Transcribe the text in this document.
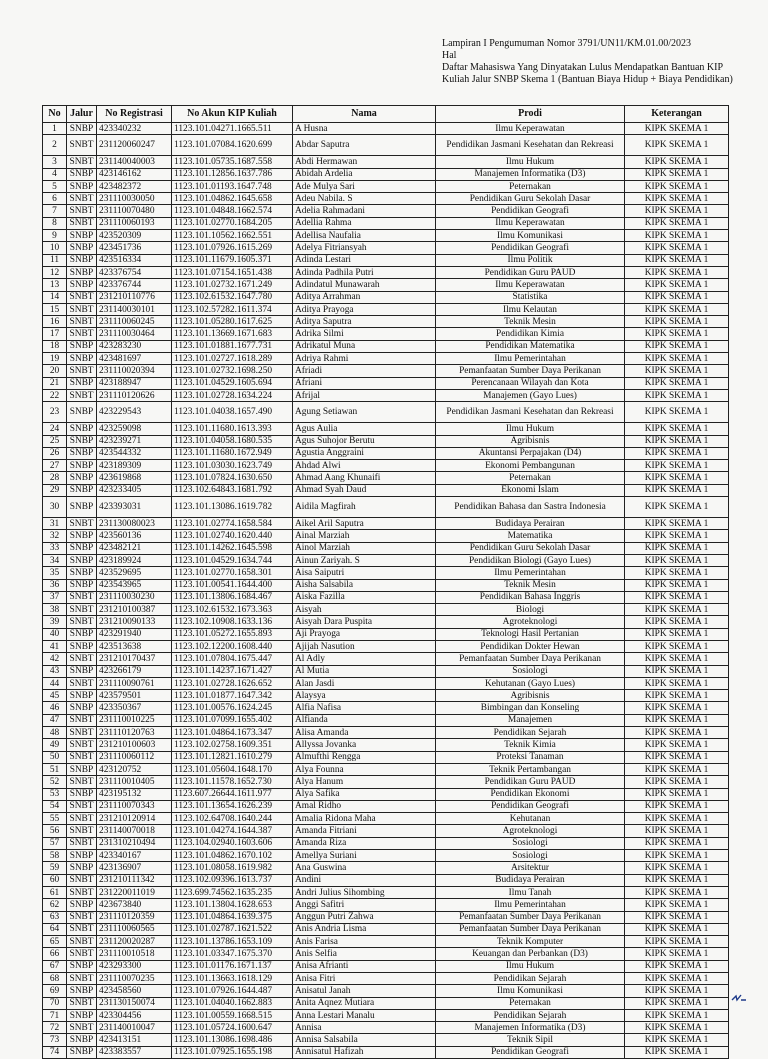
Lampiran I Pengumuman Nomor 3791/UN11/KM.01.00/2023
Hal
Daftar Mahasiswa Yang Dinyatakan Lulus Mendapatkan Bantuan KIP Kuliah Jalur SNBP Skema 1 (Bantuan Biaya Hidup + Biaya Pendidikan)
No	Jalur	No Registrasi	No Akun KIP Kuliah	Nama	Prodi	Keterangan
1	SNBP	423340232	1123.101.04271.1665.511	A Husna	Ilmu Keperawatan	KIPK SKEMA 1
2	SNBT	231120060247	1123.101.07084.1620.699	Abdar Saputra	Pendidikan Jasmani Kesehatan dan Rekreasi	KIPK SKEMA 1
3	SNBT	231140040003	1123.101.05735.1687.558	Abdi Hermawan	Ilmu Hukum	KIPK SKEMA 1
4	SNBP	423146162	1123.101.12856.1637.786	Abidah Ardelia	Manajemen Informatika (D3)	KIPK SKEMA 1
5	SNBP	423482372	1123.101.01193.1647.748	Ade Mulya Sari	Peternakan	KIPK SKEMA 1
6	SNBT	231110030050	1123.101.04862.1645.658	Adeu Nabila. S	Pendidikan Guru Sekolah Dasar	KIPK SKEMA 1
7	SNBT	231110070480	1123.101.04848.1662.574	Adelia Rahmadani	Pendidikan Geografi	KIPK SKEMA 1
8	SNBT	231110060193	1123.101.02770.1684.205	Adellia Rahma	Ilmu Keperawatan	KIPK SKEMA 1
9	SNBP	423520309	1123.101.10562.1662.551	Adellisa Naufalia	Ilmu Komunikasi	KIPK SKEMA 1
10	SNBP	423451736	1123.101.07926.1615.269	Adelya Fitriansyah	Pendidikan Geografi	KIPK SKEMA 1
11	SNBP	423516334	1123.101.11679.1605.371	Adinda Lestari	Ilmu Politik	KIPK SKEMA 1
12	SNBP	423376754	1123.101.07154.1651.438	Adinda Padhila Putri	Pendidikan Guru PAUD	KIPK SKEMA 1
13	SNBP	423376744	1123.101.02732.1671.249	Adindatul Munawarah	Ilmu Keperawatan	KIPK SKEMA 1
14	SNBT	231210110776	1123.102.61532.1647.780	Aditya Arrahman	Statistika	KIPK SKEMA 1
15	SNBT	231140030101	1123.102.57282.1611.374	Aditya Prayoga	Ilmu Kelautan	KIPK SKEMA 1
16	SNBT	231110060245	1123.101.05280.1617.625	Aditya Saputra	Teknik Mesin	KIPK SKEMA 1
17	SNBT	231110030464	1123.101.13669.1671.683	Adrika Silmi	Pendidikan Kimia	KIPK SKEMA 1
18	SNBP	423283230	1123.101.01881.1677.731	Adrikatul Muna	Pendidikan Matematika	KIPK SKEMA 1
19	SNBP	423481697	1123.101.02727.1618.289	Adriya Rahmi	Ilmu Pemerintahan	KIPK SKEMA 1
20	SNBT	231110020394	1123.101.02732.1698.250	Afriadi	Pemanfaatan Sumber Daya Perikanan	KIPK SKEMA 1
21	SNBP	423188947	1123.101.04529.1605.694	Afriani	Perencanaan Wilayah dan Kota	KIPK SKEMA 1
22	SNBT	231110120626	1123.101.02728.1634.224	Afrijal	Manajemen (Gayo Lues)	KIPK SKEMA 1
23	SNBP	423229543	1123.101.04038.1657.490	Agung Setiawan	Pendidikan Jasmani Kesehatan dan Rekreasi	KIPK SKEMA 1
24	SNBP	423259098	1123.101.11680.1613.393	Agus Aulia	Ilmu Hukum	KIPK SKEMA 1
25	SNBP	423239271	1123.101.04058.1680.535	Agus Suhojor Berutu	Agribisnis	KIPK SKEMA 1
26	SNBP	423544332	1123.101.11680.1672.949	Agustia Anggraini	Akuntansi Perpajakan (D4)	KIPK SKEMA 1
27	SNBP	423189309	1123.101.03030.1623.749	Ahdad Alwi	Ekonomi Pembangunan	KIPK SKEMA 1
28	SNBP	423619868	1123.101.07824.1630.650	Ahmad Aang Khunaifi	Peternakan	KIPK SKEMA 1
29	SNBP	423233405	1123.102.64843.1681.792	Ahmad Syah Daud	Ekonomi Islam	KIPK SKEMA 1
30	SNBP	423393031	1123.101.13086.1619.782	Aidila Magfirah	Pendidikan Bahasa dan Sastra Indonesia	KIPK SKEMA 1
31	SNBT	231130080023	1123.101.02774.1658.584	Aikel Aril Saputra	Budidaya Perairan	KIPK SKEMA 1
32	SNBP	423560136	1123.101.02740.1620.440	Ainal Marziah	Matematika	KIPK SKEMA 1
33	SNBP	423482121	1123.101.14262.1645.598	Ainol Marziah	Pendidikan Guru Sekolah Dasar	KIPK SKEMA 1
34	SNBP	423189924	1123.101.04529.1634.744	Ainun Zariyah. S	Pendidikan Biologi (Gayo Lues)	KIPK SKEMA 1
35	SNBP	423529695	1123.101.02770.1658.301	Aisa Saiputri	Ilmu Pemerintahan	KIPK SKEMA 1
36	SNBP	423543965	1123.101.00541.1644.400	Aisha Salsabila	Teknik Mesin	KIPK SKEMA 1
37	SNBT	231110030230	1123.101.13806.1684.467	Aiska Fazilla	Pendidikan Bahasa Inggris	KIPK SKEMA 1
38	SNBT	231210100387	1123.102.61532.1673.363	Aisyah	Biologi	KIPK SKEMA 1
39	SNBT	231210090133	1123.102.10908.1633.136	Aisyah Dara Puspita	Agroteknologi	KIPK SKEMA 1
40	SNBP	423291940	1123.101.05272.1655.893	Aji Prayoga	Teknologi Hasil Pertanian	KIPK SKEMA 1
41	SNBP	423513638	1123.102.12200.1608.440	Ajijah Nasution	Pendidikan Dokter Hewan	KIPK SKEMA 1
42	SNBT	231210170437	1123.101.07804.1675.447	Al Adly	Pemanfaatan Sumber Daya Perikanan	KIPK SKEMA 1
43	SNBP	423266179	1123.101.14237.1671.427	Al Mutia	Sosiologi	KIPK SKEMA 1
44	SNBT	231110090761	1123.101.02728.1626.652	Alan Jasdi	Kehutanan (Gayo Lues)	KIPK SKEMA 1
45	SNBP	423579501	1123.101.01877.1647.342	Alaysya	Agribisnis	KIPK SKEMA 1
46	SNBP	423350367	1123.101.00576.1624.245	Alfia Nafisa	Bimbingan dan Konseling	KIPK SKEMA 1
47	SNBT	231110010225	1123.101.07099.1655.402	Alfianda	Manajemen	KIPK SKEMA 1
48	SNBT	231110120763	1123.101.04864.1673.347	Alisa Amanda	Pendidikan Sejarah	KIPK SKEMA 1
49	SNBT	231210100603	1123.102.02758.1609.351	Allyssa Jovanka	Teknik Kimia	KIPK SKEMA 1
50	SNBT	231110060112	1123.101.12821.1610.279	Almufthi Rengga	Proteksi Tanaman	KIPK SKEMA 1
51	SNBP	423120752	1123.101.05604.1648.170	Alya Founna	Teknik Pertambangan	KIPK SKEMA 1
52	SNBT	231110010405	1123.101.11578.1652.730	Alya Hanum	Pendidikan Guru PAUD	KIPK SKEMA 1
53	SNBP	423195132	1123.607.26644.1611.977	Alya Safika	Pendidikan Ekonomi	KIPK SKEMA 1
54	SNBT	231110070343	1123.101.13654.1626.239	Amal Ridho	Pendidikan Geografi	KIPK SKEMA 1
55	SNBT	231210120914	1123.102.64708.1640.244	Amalia Ridona Maha	Kehutanan	KIPK SKEMA 1
56	SNBT	231140070018	1123.101.04274.1644.387	Amanda Fitriani	Agroteknologi	KIPK SKEMA 1
57	SNBT	231310210494	1123.104.02940.1603.606	Amanda Riza	Sosiologi	KIPK SKEMA 1
58	SNBP	423340167	1123.101.04862.1670.102	Amellya Suriani	Sosiologi	KIPK SKEMA 1
59	SNBP	423136907	1123.101.08058.1619.982	Ana Guswina	Arsitektur	KIPK SKEMA 1
60	SNBT	231210111342	1123.102.09396.1613.737	Andini	Budidaya Perairan	KIPK SKEMA 1
61	SNBT	231220011019	1123.699.74562.1635.235	Andri Julius Sihombing	Ilmu Tanah	KIPK SKEMA 1
62	SNBP	423673840	1123.101.13804.1628.653	Anggi Safitri	Ilmu Pemerintahan	KIPK SKEMA 1
63	SNBT	231110120359	1123.101.04864.1639.375	Anggun Putri Zahwa	Pemanfaatan Sumber Daya Perikanan	KIPK SKEMA 1
64	SNBT	231110060565	1123.101.02787.1621.522	Anis Andria Lisma	Pemanfaatan Sumber Daya Perikanan	KIPK SKEMA 1
65	SNBT	231120020287	1123.101.13786.1653.109	Anis Farisa	Teknik Komputer	KIPK SKEMA 1
66	SNBT	231110010518	1123.101.03347.1675.370	Anis Selfia	Keuangan dan Perbankan (D3)	KIPK SKEMA 1
67	SNBP	423293300	1123.101.01176.1671.137	Anisa Afrianti	Ilmu Hukum	KIPK SKEMA 1
68	SNBT	231110070235	1123.101.13663.1618.129	Anisa Fitri	Pendidikan Sejarah	KIPK SKEMA 1
69	SNBP	423458560	1123.101.07926.1644.487	Anisatul Janah	Ilmu Komunikasi	KIPK SKEMA 1
70	SNBT	231130150074	1123.101.04040.1662.883	Anita Aqnez Mutiara	Peternakan	KIPK SKEMA 1
71	SNBP	423304456	1123.101.00559.1668.515	Anna Lestari Manalu	Pendidikan Sejarah	KIPK SKEMA 1
72	SNBT	231140010047	1123.101.05724.1600.647	Annisa	Manajemen Informatika (D3)	KIPK SKEMA 1
73	SNBP	423413151	1123.101.13086.1698.486	Annisa Salsabila	Teknik Sipil	KIPK SKEMA 1
74	SNBP	423383557	1123.101.07925.1655.198	Annisatul Hafizah	Pendidikan Geografi	KIPK SKEMA 1
